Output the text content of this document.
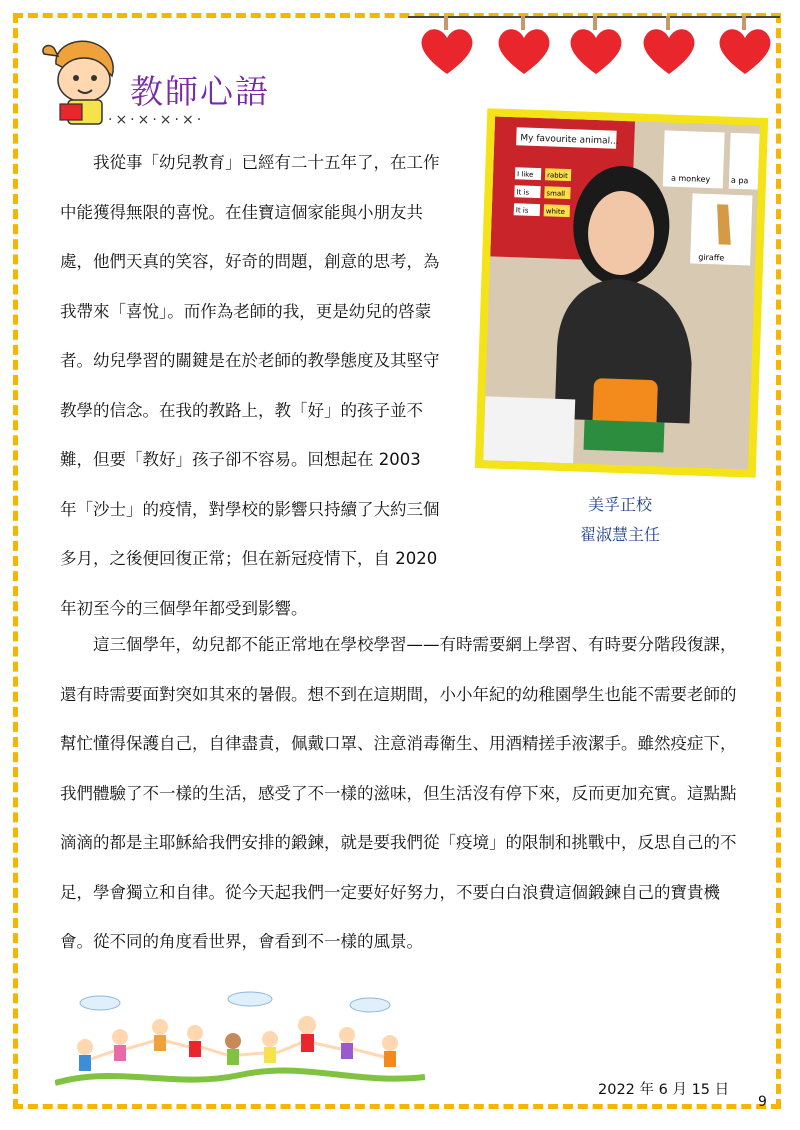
教師心語
·×·×·×·×·

　　我從事「幼兒教育」已經有二十五年了，在工作中能獲得無限的喜悅。在佳寶這個家能與小朋友共處，他們天真的笑容，好奇的問題，創意的思考，為我帶來「喜悅」。而作為老師的我，更是幼兒的啓蒙者。幼兒學習的關鍵是在於老師的教學態度及其堅守教學的信念。在我的教路上，教「好」的孩子並不難，但要「教好」孩子卻不容易。回想起在 2003 年「沙士」的疫情，對學校的影響只持續了大約三個多月，之後便回復正常；但在新冠疫情下，自 2020 年初至今的三個學年都受到影響。

My favourite animal...
I like rabbit
It is small
It is white
a monkey	a pa
giraffe
美孚正校
翟淑慧主任

　　這三個學年，幼兒都不能正常地在學校學習——有時需要網上學習、有時要分階段復課，還有時需要面對突如其來的暑假。想不到在這期間，小小年紀的幼稚園學生也能不需要老師的幫忙懂得保護自己，自律盡責，佩戴口罩、注意消毒衛生、用酒精搓手液潔手。雖然疫症下，我們體驗了不一樣的生活，感受了不一樣的滋味，但生活沒有停下來，反而更加充實。這點點滴滴的都是主耶穌給我們安排的鍛鍊，就是要我們從「疫境」的限制和挑戰中，反思自己的不足，學會獨立和自律。從今天起我們一定要好好努力，不要白白浪費這個鍛鍊自己的寶貴機會。從不同的角度看世界，會看到不一樣的風景。

2022 年 6 月 15 日
9
